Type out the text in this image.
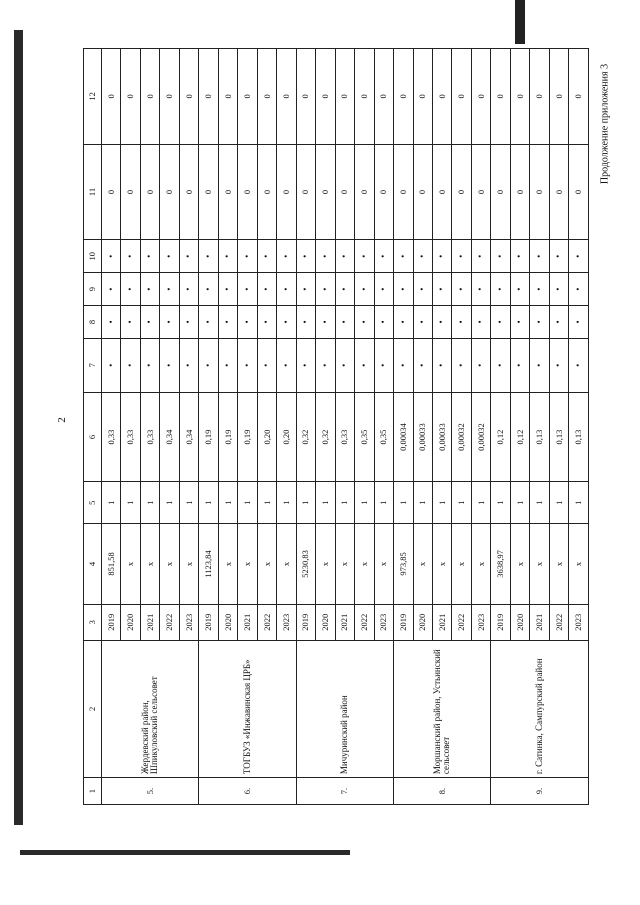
2
Продолжение приложения 3
1	2	3	4	5	6	7	8	9	10	11	12
5.	Жердевский район, Шпикуловский сельсовет	2019	851,58	1	0,33	•	•	•	•	0	0
		2020	x	1	0,33	•	•	•	•	0	0
		2021	x	1	0,33	•	•	•	•	0	0
		2022	x	1	0,34	•	•	•	•	0	0
		2023	x	1	0,34	•	•	•	•	0	0
6.	ТОГБУЗ «Инжавинская ЦРБ»	2019	1123,84	1	0,19	•	•	•	•	0	0
		2020	x	1	0,19	•	•	•	•	0	0
		2021	x	1	0,19	•	•	•	•	0	0
		2022	x	1	0,20	•	•	•	•	0	0
		2023	x	1	0,20	•	•	•	•	0	0
7.	Мичуринский район	2019	5230,83	1	0,32	•	•	•	•	0	0
		2020	x	1	0,32	•	•	•	•	0	0
		2021	x	1	0,33	•	•	•	•	0	0
		2022	x	1	0,35	•	•	•	•	0	0
		2023	x	1	0,35	•	•	•	•	0	0
8.	Моршанский район, Устьинский сельсовет	2019	973,85	1	0,00034	•	•	•	•	0	0
		2020	x	1	0,00033	•	•	•	•	0	0
		2021	x	1	0,00033	•	•	•	•	0	0
		2022	x	1	0,00032	•	•	•	•	0	0
		2023	x	1	0,00032	•	•	•	•	0	0
9.	г. Сатинка, Сампурский район	2019	3638,97	1	0,12	•	•	•	•	0	0
		2020	x	1	0,12	•	•	•	•	0	0
		2021	x	1	0,13	•	•	•	•	0	0
		2022	x	1	0,13	•	•	•	•	0	0
		2023	x	1	0,13	•	•	•	•	0	0
